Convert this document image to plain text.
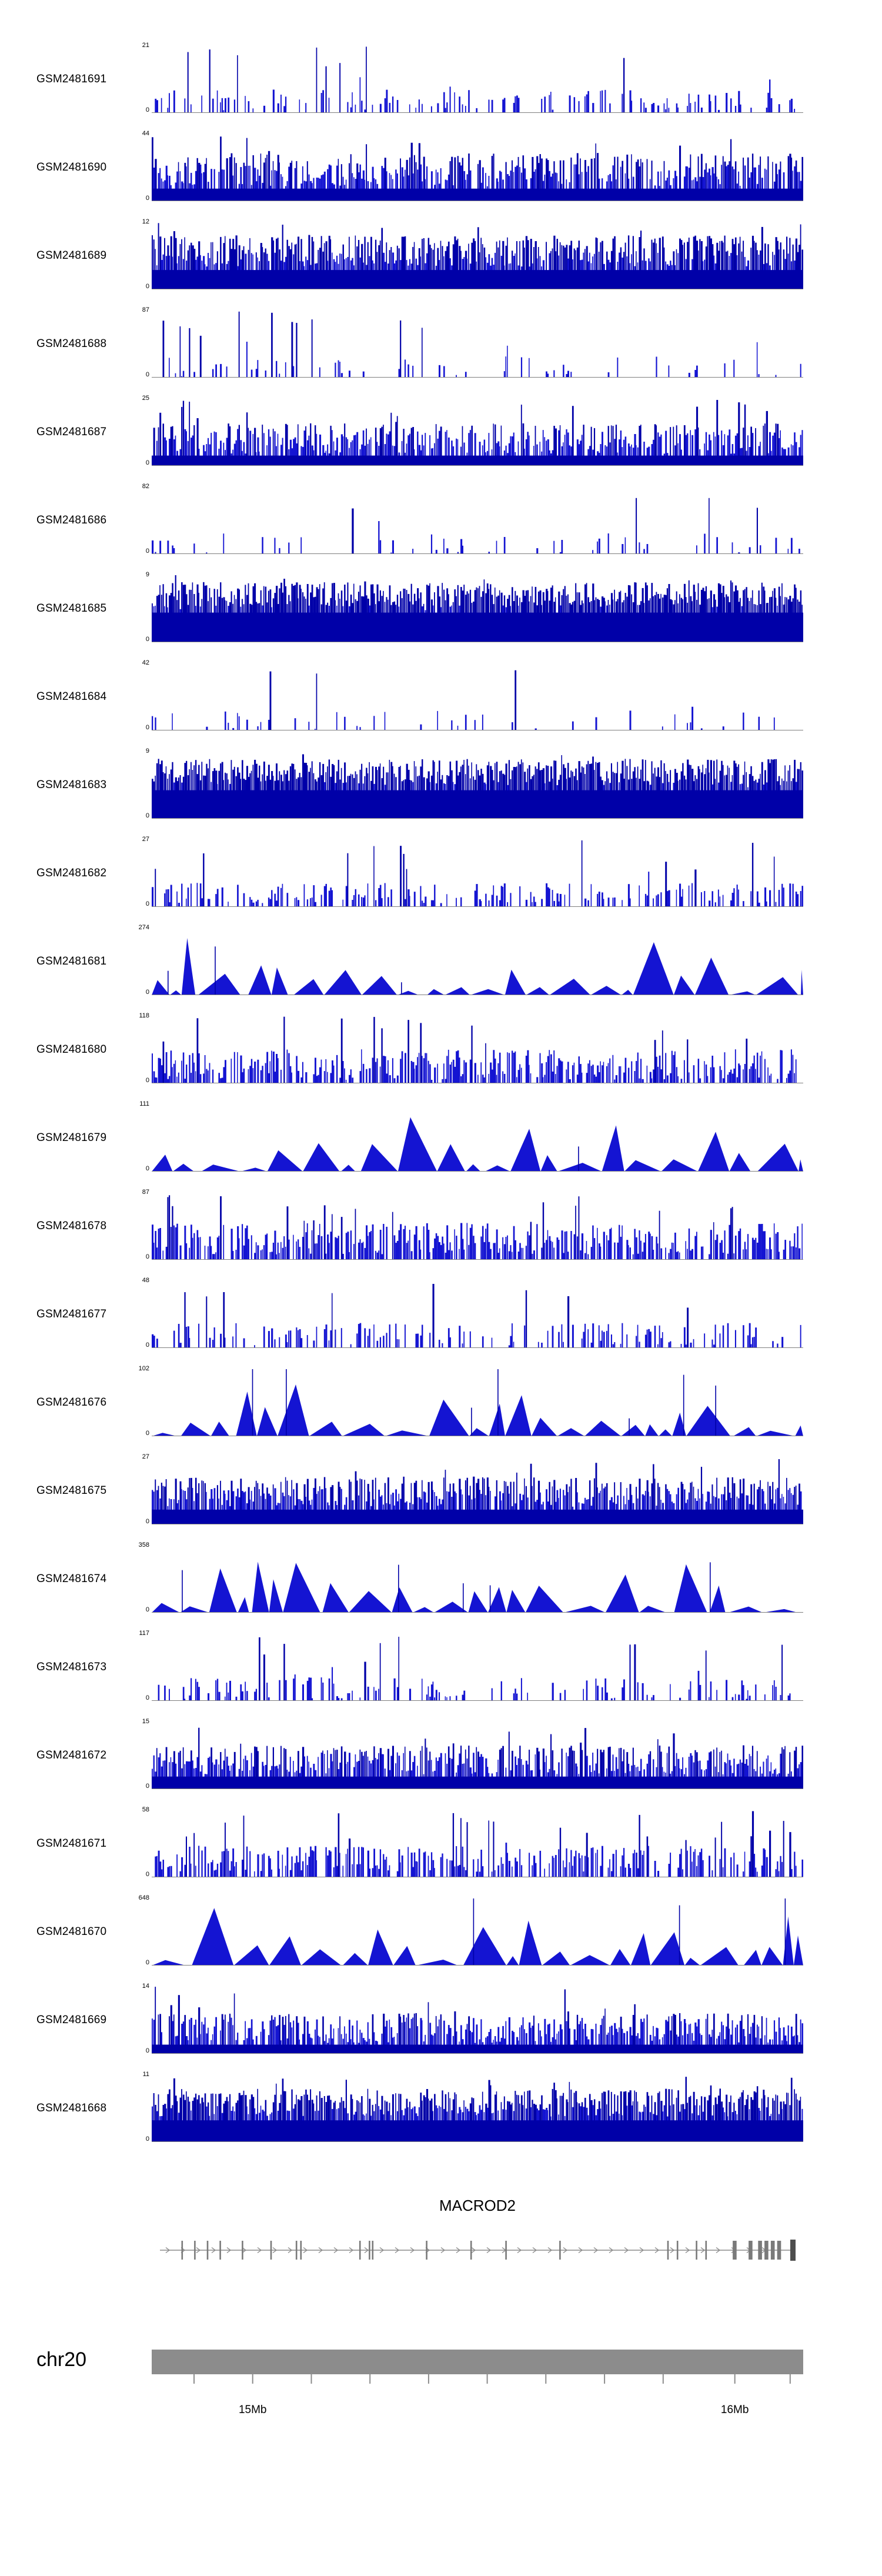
GSM2481691
21
0
GSM2481690
44
0
GSM2481689
12
0
GSM2481688
87
0
GSM2481687
25
0
GSM2481686
82
0
GSM2481685
9
0
GSM2481684
42
0
GSM2481683
9
0
GSM2481682
27
0
GSM2481681
274
0
GSM2481680
118
0
GSM2481679
111
0
GSM2481678
87
0
GSM2481677
48
0
GSM2481676
102
0
GSM2481675
27
0
GSM2481674
358
0
GSM2481673
117
0
GSM2481672
15
0
GSM2481671
58
0
GSM2481670
648
0
GSM2481669
14
0
GSM2481668
11
0
MACROD2
chr20
15Mb	16Mb
